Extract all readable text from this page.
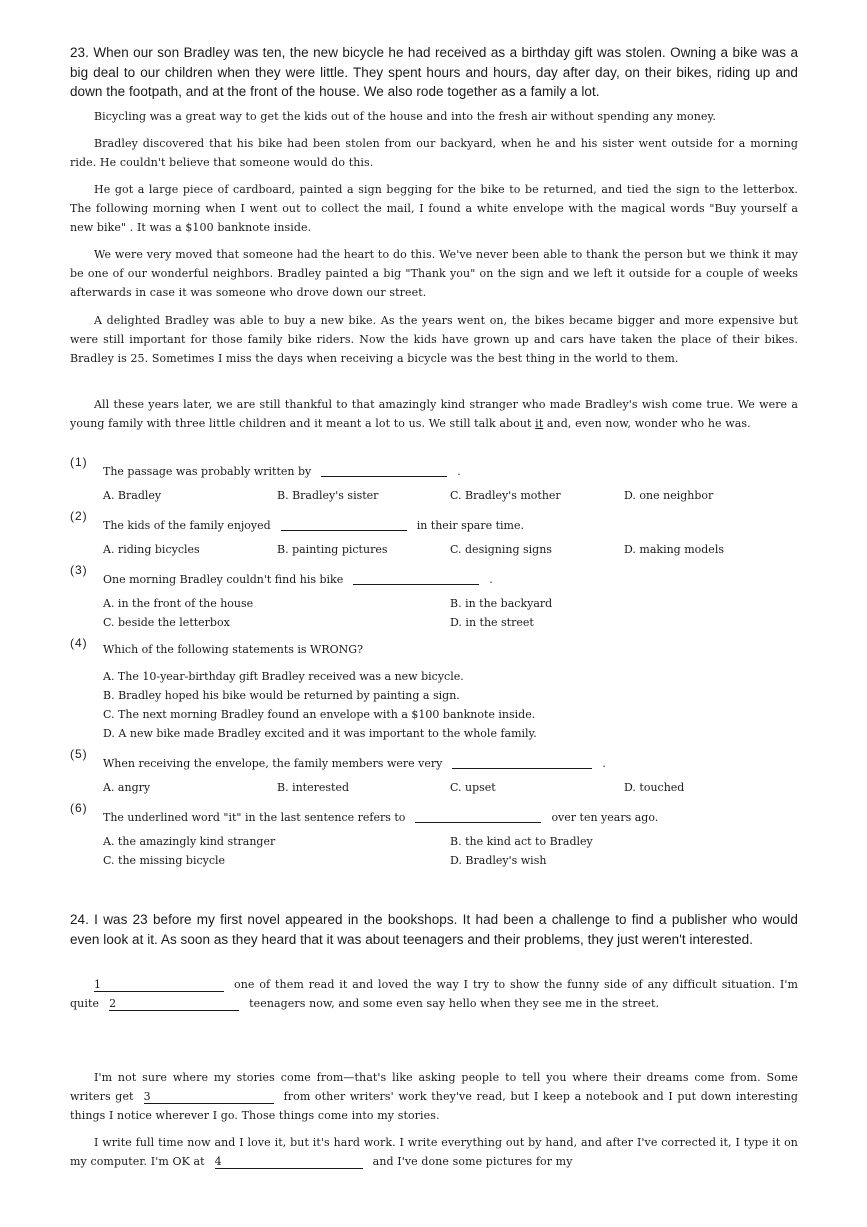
23. When our son Bradley was ten, the new bicycle he had received as a birthday gift was stolen. Owning a bike was a big deal to our children when they were little. They spent hours and hours, day after day, on their bikes, riding up and down the footpath, and at the front of the house. We also rode together as a family a lot.
Bicycling was a great way to get the kids out of the house and into the fresh air without spending any money.
Bradley discovered that his bike had been stolen from our backyard, when he and his sister went outside for a morning ride. He couldn't believe that someone would do this.
He got a large piece of cardboard, painted a sign begging for the bike to be returned, and tied the sign to the letterbox. The following morning when I went out to collect the mail, I found a white envelope with the magical words "Buy yourself a new bike" . It was a $100 banknote inside.
We were very moved that someone had the heart to do this. We've never been able to thank the person but we think it may be one of our wonderful neighbors. Bradley painted a big "Thank you" on the sign and we left it outside for a couple of weeks afterwards in case it was someone who drove down our street.
A delighted Bradley was able to buy a new bike. As the years went on, the bikes became bigger and more expensive but were still important for those family bike riders. Now the kids have grown up and cars have taken the place of their bikes. Bradley is 25. Sometimes I miss the days when receiving a bicycle was the best thing in the world to them.
All these years later, we are still thankful to that amazingly kind stranger who made Bradley's wish come true. We were a young family with three little children and it meant a lot to us. We still talk about it and, even now, wonder who he was.
(1)
The passage was probably written by	.
A. Bradley	B. Bradley's sister	C. Bradley's mother	D. one neighbor
(2)
The kids of the family enjoyed	in their spare time.
A. riding bicycles	B. painting pictures	C. designing signs	D. making models
(3)
One morning Bradley couldn't find his bike	.
A. in the front of the house	B. in the backyard
C. beside the letterbox	D. in the street
(4) Which of the following statements is WRONG?
A. The 10-year-birthday gift Bradley received was a new bicycle.
B. Bradley hoped his bike would be returned by painting a sign.
C. The next morning Bradley found an envelope with a $100 banknote inside.
D. A new bike made Bradley excited and it was important to the whole family.
(5)
When receiving the envelope, the family members were very	.
A. angry	B. interested	C. upset	D. touched
(6)
The underlined word "it" in the last sentence refers to	over ten years ago.
A. the amazingly kind stranger	B. the kind act to Bradley
C. the missing bicycle	D. Bradley's wish
24. I was 23 before my first novel appeared in the bookshops. It had been a challenge to find a publisher who would even look at it. As soon as they heard that it was about teenagers and their problems, they just weren't interested.
1	one of them read it and loved the way I try to show the funny side of any difficult situation. I'm quite 2	teenagers now, and some even say hello when they see me in the street.
I'm not sure where my stories come from—that's like asking people to tell you where their dreams come from. Some writers get 3	from other writers' work they've read, but I keep a notebook and I put down interesting things I notice wherever I go. Those things come into my stories.
I write full time now and I love it, but it's hard work. I write everything out by hand, and after I've corrected it, I type it on my computer. I'm OK at 4	and I've done some pictures for my
